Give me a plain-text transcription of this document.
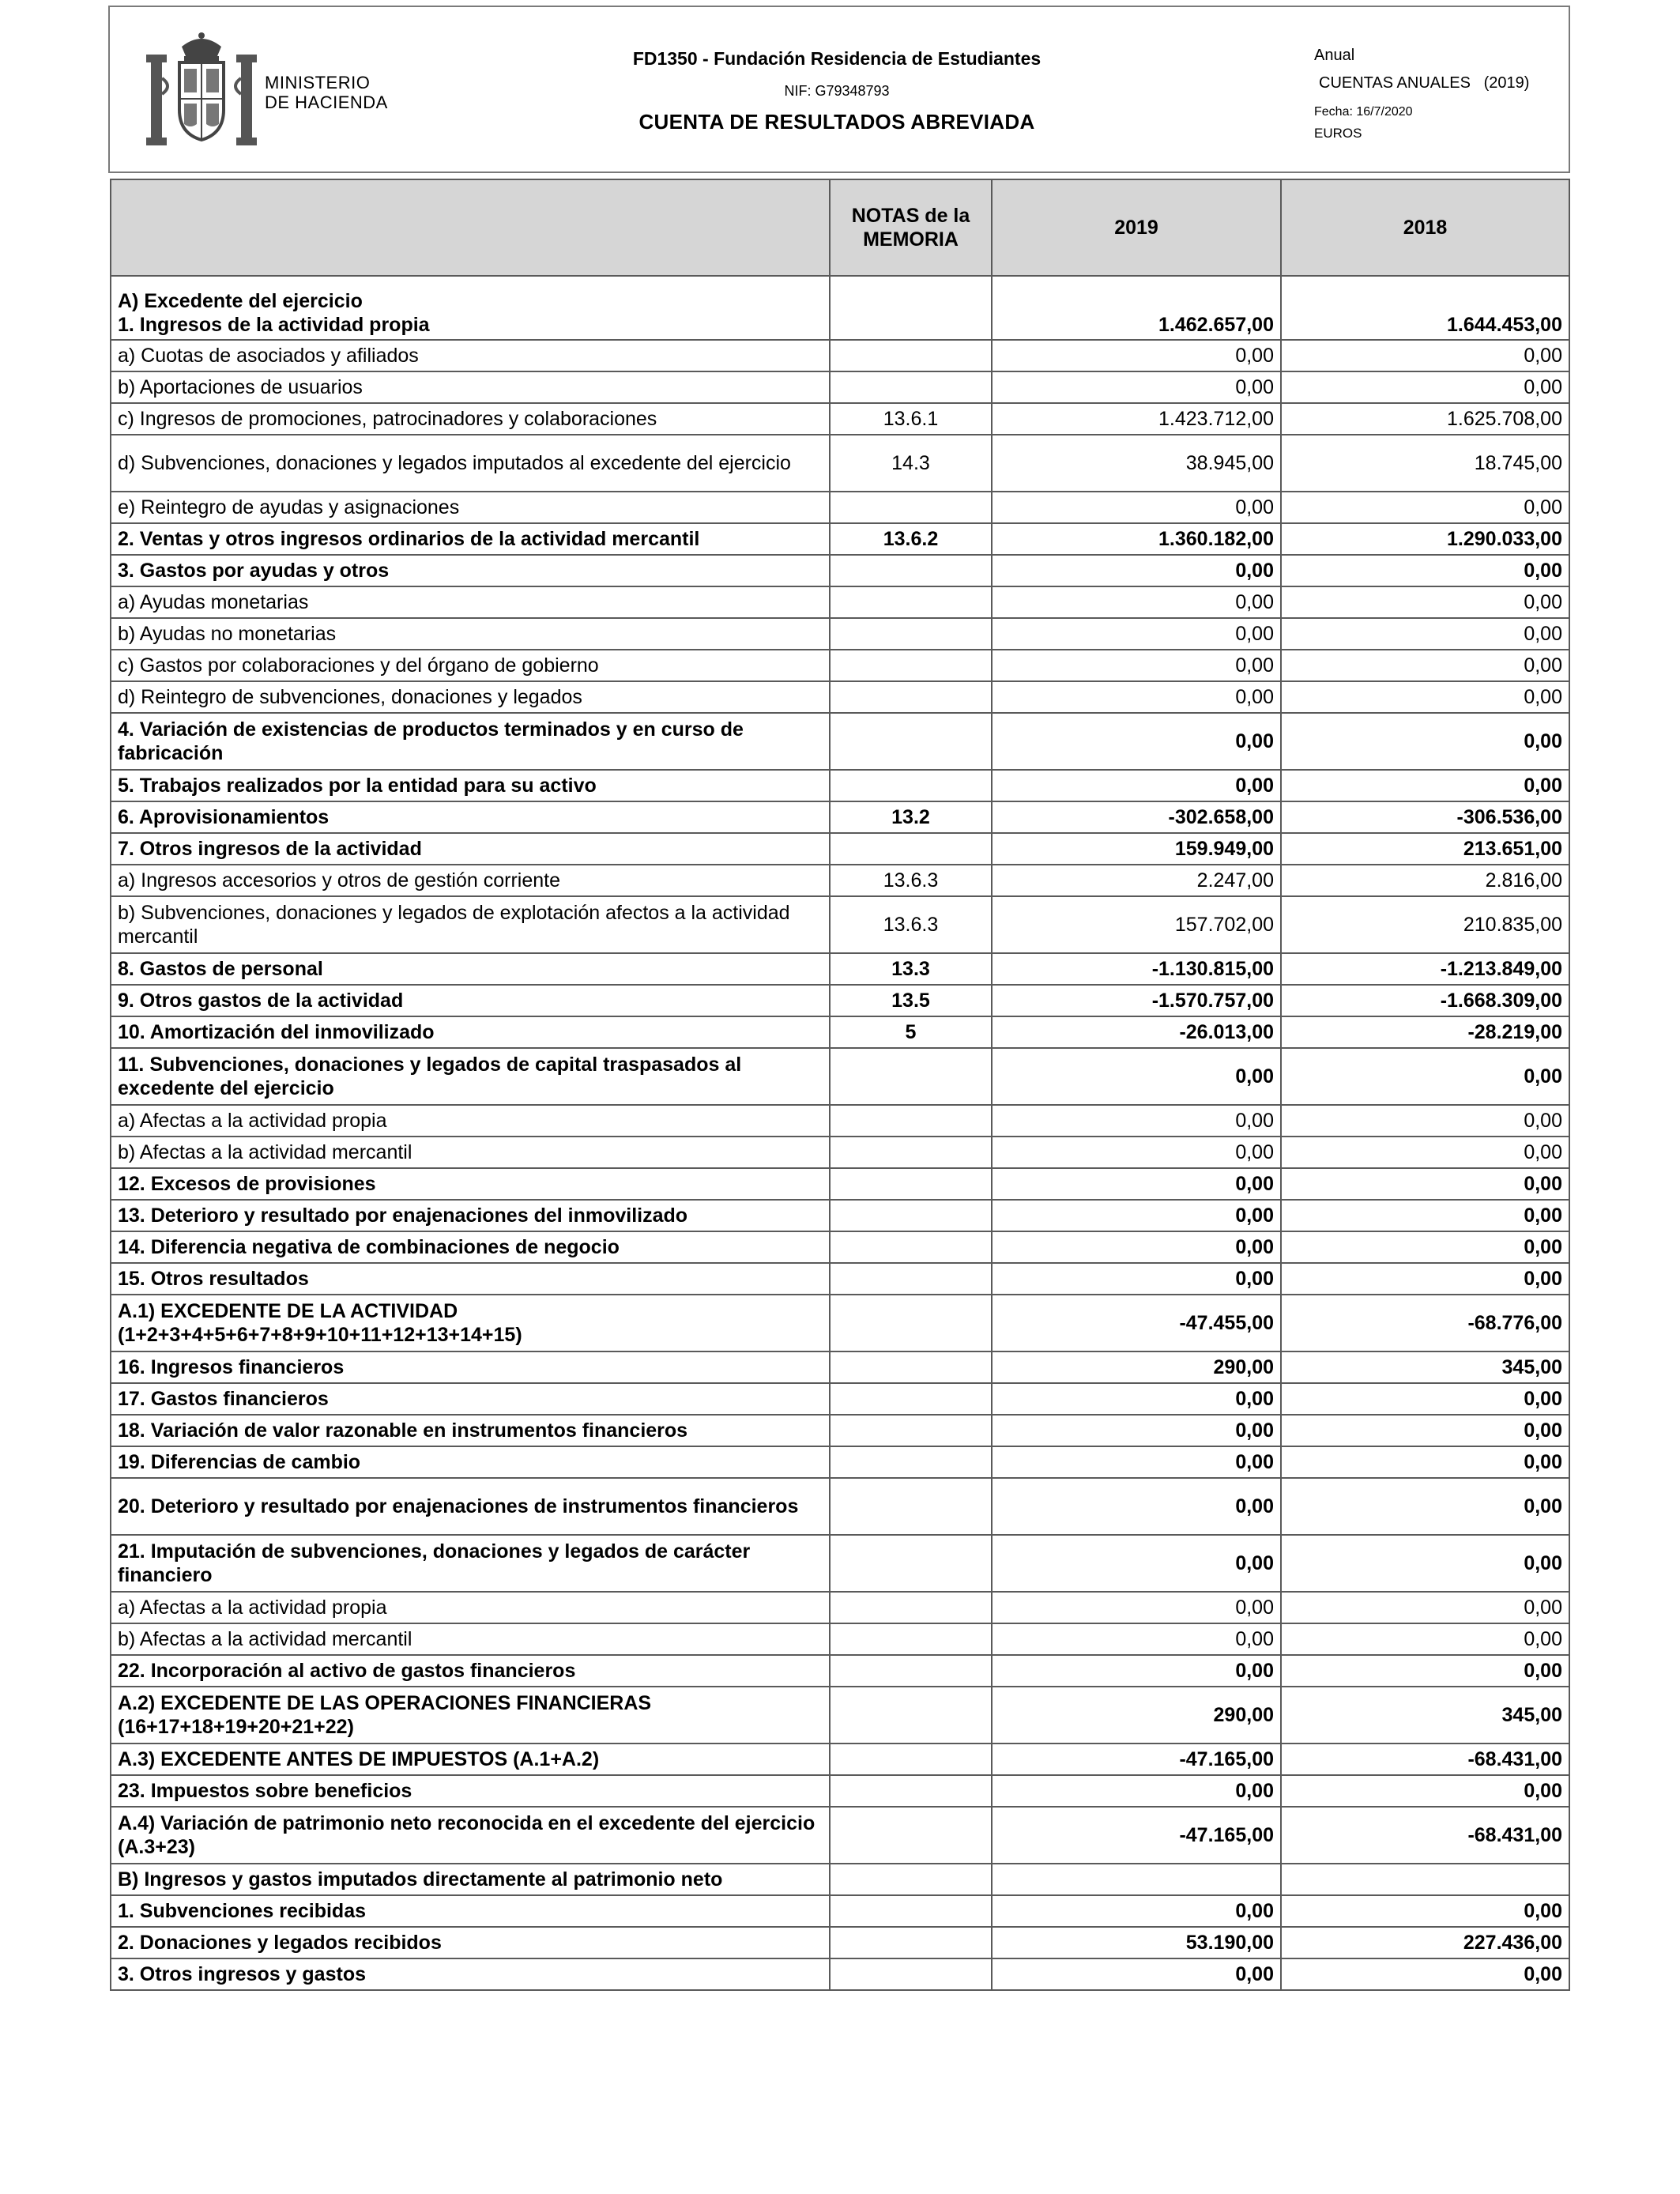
MINISTERIO
DE HACIENDA
FD1350 - Fundación Residencia de Estudiantes
NIF: G79348793
CUENTA DE RESULTADOS ABREVIADA
Anual
CUENTAS ANUALES   (2019)
Fecha: 16/7/2020
EUROS
	NOTAS de la MEMORIA	2019	2018

A) Excedente del ejercicio
1. Ingresos de la actividad propia		1.462.657,00	1.644.453,00
a) Cuotas de asociados y afiliados		0,00	0,00
b) Aportaciones de usuarios		0,00	0,00
c) Ingresos de promociones, patrocinadores y colaboraciones	13.6.1	1.423.712,00	1.625.708,00
d) Subvenciones, donaciones y legados imputados al excedente del ejercicio	14.3	38.945,00	18.745,00
e) Reintegro de ayudas y asignaciones		0,00	0,00
2. Ventas y otros ingresos ordinarios de la actividad mercantil	13.6.2	1.360.182,00	1.290.033,00
3. Gastos por ayudas y otros		0,00	0,00
a) Ayudas monetarias		0,00	0,00
b) Ayudas no monetarias		0,00	0,00
c) Gastos por colaboraciones y del órgano de gobierno		0,00	0,00
d) Reintegro de subvenciones, donaciones y legados		0,00	0,00
4. Variación de existencias de productos terminados y en curso de fabricación		0,00	0,00
5. Trabajos realizados por la entidad para su activo		0,00	0,00
6. Aprovisionamientos	13.2	-302.658,00	-306.536,00
7. Otros ingresos de la actividad		159.949,00	213.651,00
a) Ingresos accesorios y otros de gestión corriente	13.6.3	2.247,00	2.816,00
b) Subvenciones, donaciones y legados de explotación afectos a la actividad mercantil	13.6.3	157.702,00	210.835,00
8. Gastos de personal	13.3	-1.130.815,00	-1.213.849,00
9. Otros gastos de la actividad	13.5	-1.570.757,00	-1.668.309,00
10. Amortización del inmovilizado	5	-26.013,00	-28.219,00
11. Subvenciones, donaciones y legados de capital traspasados al excedente del ejercicio		0,00	0,00
a) Afectas a la actividad propia		0,00	0,00
b) Afectas a la actividad mercantil		0,00	0,00
12. Excesos de provisiones		0,00	0,00
13. Deterioro y resultado por enajenaciones del inmovilizado		0,00	0,00
14. Diferencia negativa de combinaciones de negocio		0,00	0,00
15. Otros resultados		0,00	0,00
A.1) EXCEDENTE DE LA ACTIVIDAD (1+2+3+4+5+6+7+8+9+10+11+12+13+14+15)		-47.455,00	-68.776,00
16. Ingresos financieros		290,00	345,00
17. Gastos financieros		0,00	0,00
18. Variación de valor razonable en instrumentos financieros		0,00	0,00
19. Diferencias de cambio		0,00	0,00
20. Deterioro y resultado por enajenaciones de instrumentos financieros		0,00	0,00
21. Imputación de subvenciones, donaciones y legados de carácter financiero		0,00	0,00
a) Afectas a la actividad propia		0,00	0,00
b) Afectas a la actividad mercantil		0,00	0,00
22. Incorporación al activo de gastos financieros		0,00	0,00
A.2) EXCEDENTE DE LAS OPERACIONES FINANCIERAS (16+17+18+19+20+21+22)		290,00	345,00
A.3) EXCEDENTE ANTES DE IMPUESTOS (A.1+A.2)		-47.165,00	-68.431,00
23. Impuestos sobre beneficios		0,00	0,00
A.4) Variación de patrimonio neto reconocida en el excedente del ejercicio (A.3+23)		-47.165,00	-68.431,00
B) Ingresos y gastos imputados directamente al patrimonio neto			
1. Subvenciones recibidas		0,00	0,00
2. Donaciones y legados recibidos		53.190,00	227.436,00
3. Otros ingresos y gastos		0,00	0,00
